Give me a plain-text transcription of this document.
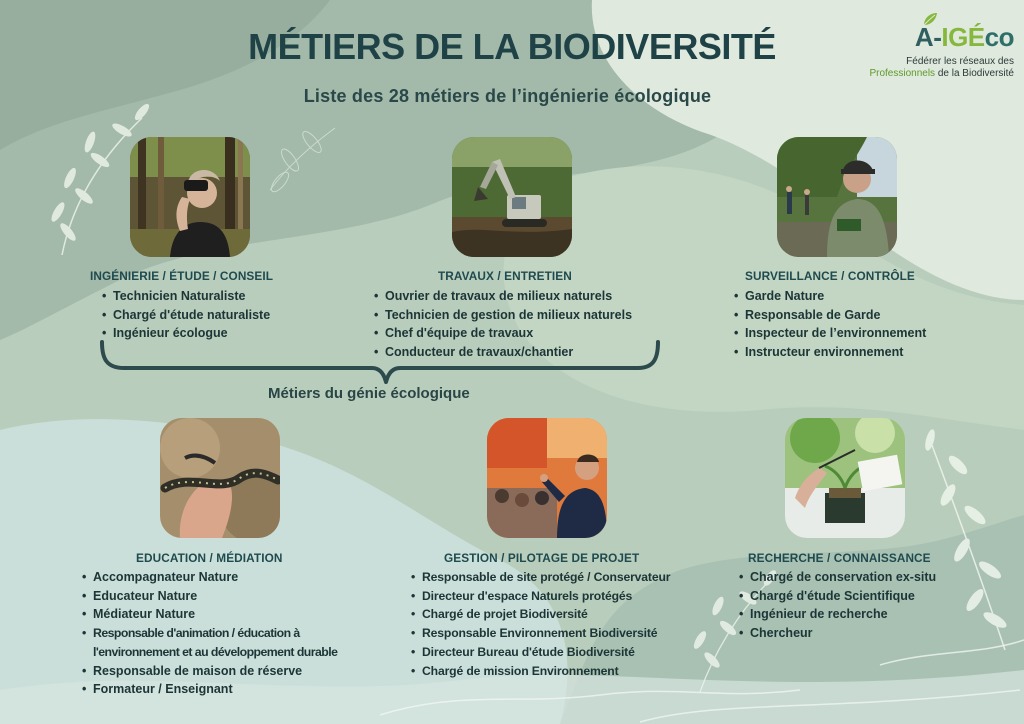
MÉTIERS DE LA BIODIVERSITÉ
Liste des 28 métiers de l’ingénierie écologique
A-IGÉco
Fédérer les réseaux des
Professionnels de la Biodiversité
INGÉNIERIE / ÉTUDE / CONSEIL
• Technicien Naturaliste
• Chargé d'étude naturaliste
• Ingénieur écologue
TRAVAUX / ENTRETIEN
• Ouvrier de travaux de milieux naturels
• Technicien de gestion de milieux naturels
• Chef d'équipe de travaux
• Conducteur de travaux/chantier
SURVEILLANCE / CONTRÔLE
• Garde Nature
• Responsable de Garde
• Inspecteur de l’environnement
• Instructeur environnement
Métiers du génie écologique
EDUCATION / MÉDIATION
• Accompagnateur Nature
• Educateur Nature
• Médiateur Nature
• Responsable d'animation / éducation à l'environnement et au développement durable
• Responsable de maison de réserve
• Formateur / Enseignant
GESTION / PILOTAGE DE PROJET
• Responsable de site protégé / Conservateur
• Directeur d'espace Naturels protégés
• Chargé de projet Biodiversité
• Responsable Environnement Biodiversité
• Directeur Bureau d'étude Biodiversité
• Chargé de mission Environnement
RECHERCHE / CONNAISSANCE
• Chargé de conservation ex-situ
• Chargé d'étude Scientifique
• Ingénieur de recherche
• Chercheur
